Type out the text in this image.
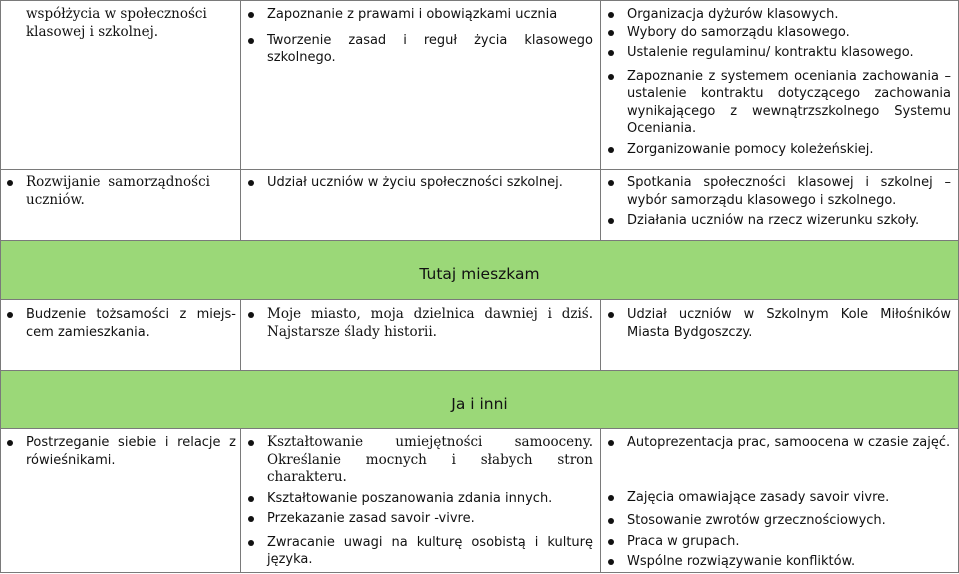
Tutaj mieszkam
Ja i inni
współżycia w społeczności klasowej i szkolnej.
Zapoznanie z prawami i obowiązkami ucznia
Tworzenie zasad i reguł życia klasowego szkolnego.
Organizacja dyżurów klasowych.
Wybory do samorządu klasowego.
Ustalenie regulaminu/ kontraktu klasowego.
Zapoznanie z systemem oceniania zachowania – ustalenie kontraktu dotyczącego zachowania wynikającego z wewnątrzszkolnego Systemu Oceniania.
Zorganizowanie pomocy koleżeńskiej.
Rozwijanie samorządności uczniów.
Udział uczniów w życiu społeczności szkolnej.	Spotkania społeczności klasowej i szkolnej – wybór samorządu klasowego i szkolnego.
Działania uczniów na rzecz wizerunku szkoły.
Budzenie tożsamości z miejs- cem zamieszkania.
Moje miasto, moja dzielnica dawniej i dziś. Najstarsze ślady historii.
Udział uczniów w Szkolnym Kole Miłośników Miasta Bydgoszczy.
Postrzeganie siebie i relacje z rówieśnikami.
Kształtowanie umiejętności samooceny. Określanie mocnych i słabych stron charakteru.
Kształtowanie poszanowania zdania innych.
Przekazanie zasad savoir -vivre.
Zwracanie uwagi na kulturę osobistą i kulturę języka.
Autoprezentacja prac, samoocena w czasie zajęć.
Zajęcia omawiające zasady savoir vivre.
Stosowanie zwrotów grzecznościowych.
Praca w grupach.
Wspólne rozwiązywanie konfliktów.
